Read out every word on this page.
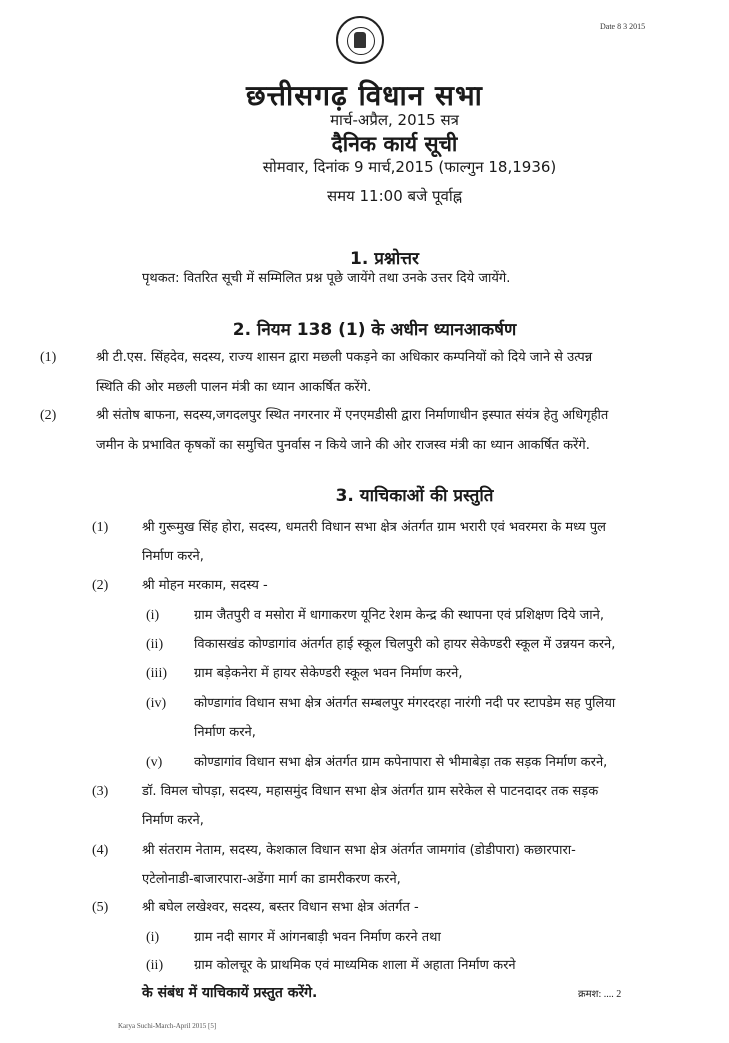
Date 8 3 2015
छत्तीसगढ़ विधान सभा
मार्च-अप्रैल, 2015 सत्र
दैनिक कार्य सूची
सोमवार, दिनांक 9 मार्च,2015 (फाल्गुन 18,1936)
समय 11:00 बजे पूर्वाह्न
1. प्रश्नोत्तर
पृथकत: वितरित सूची में सम्मिलित प्रश्न पूछे जायेंगे तथा उनके उत्तर दिये जायेंगे.
2. नियम 138 (1) के अधीन ध्यानआकर्षण
(1)	श्री टी.एस. सिंहदेव, सदस्य, राज्य शासन द्वारा मछली पकड़ने का अधिकार कम्पनियों को दिये जाने से उत्पन्न
स्थिति की ओर मछली पालन मंत्री का ध्यान आकर्षित करेंगे.
(2)	श्री संतोष बाफना, सदस्य,जगदलपुर स्थित नगरनार में एनएमडीसी द्वारा निर्माणाधीन इस्पात संयंत्र हेतु अधिगृहीत
जमीन के प्रभावित कृषकों का समुचित पुनर्वास न किये जाने की ओर राजस्व मंत्री का ध्यान आकर्षित करेंगे.
3. याचिकाओं की प्रस्तुति
(1)	श्री गुरूमुख सिंह होरा, सदस्य, धमतरी विधान सभा क्षेत्र अंतर्गत ग्राम भरारी एवं भवरमरा के मध्य पुल
निर्माण करने,
(2)	श्री मोहन मरकाम, सदस्य -
(i)	ग्राम जैतपुरी व मसोरा में धागाकरण यूनिट रेशम केन्द्र की स्थापना एवं प्रशिक्षण दिये जाने,
(ii) विकासखंड कोण्डागांव अंतर्गत हाई स्कूल चिलपुरी को हायर सेकेण्डरी स्कूल में उन्नयन करने,
(iii) ग्राम बड़ेकनेरा में हायर सेकेण्डरी स्कूल भवन निर्माण करने,
(iv) कोण्डागांव विधान सभा क्षेत्र अंतर्गत सम्बलपुर मंगरदरहा नारंगी नदी पर स्टापडेम सह पुलिया
निर्माण करने,
(v) कोण्डागांव विधान सभा क्षेत्र अंतर्गत ग्राम कपेनापारा से भीमाबेड़ा तक सड़क निर्माण करने,
(3)	डॉ. विमल चोपड़ा, सदस्य, महासमुंद विधान सभा क्षेत्र अंतर्गत ग्राम सरेकेल से पाटनदादर तक सड़क
निर्माण करने,
(4)	श्री संतराम नेताम, सदस्य, केशकाल विधान सभा क्षेत्र अंतर्गत जामगांव (डोडीपारा) कछारपारा-
एटेलोनाडी-बाजारपारा-अडेंगा मार्ग का डामरीकरण करने,
(5)	श्री बघेल लखेश्वर, सदस्य, बस्तर विधान सभा क्षेत्र अंतर्गत -
(i)	ग्राम नदी सागर में आंगनबाड़ी भवन निर्माण करने तथा
(ii) ग्राम कोलचूर के प्राथमिक एवं माध्यमिक शाला में अहाता निर्माण करने
के संबंध में याचिकायें प्रस्तुत करेंगे.	क्रमश: .... 2
Karya Suchi-March-April 2015 [5]
